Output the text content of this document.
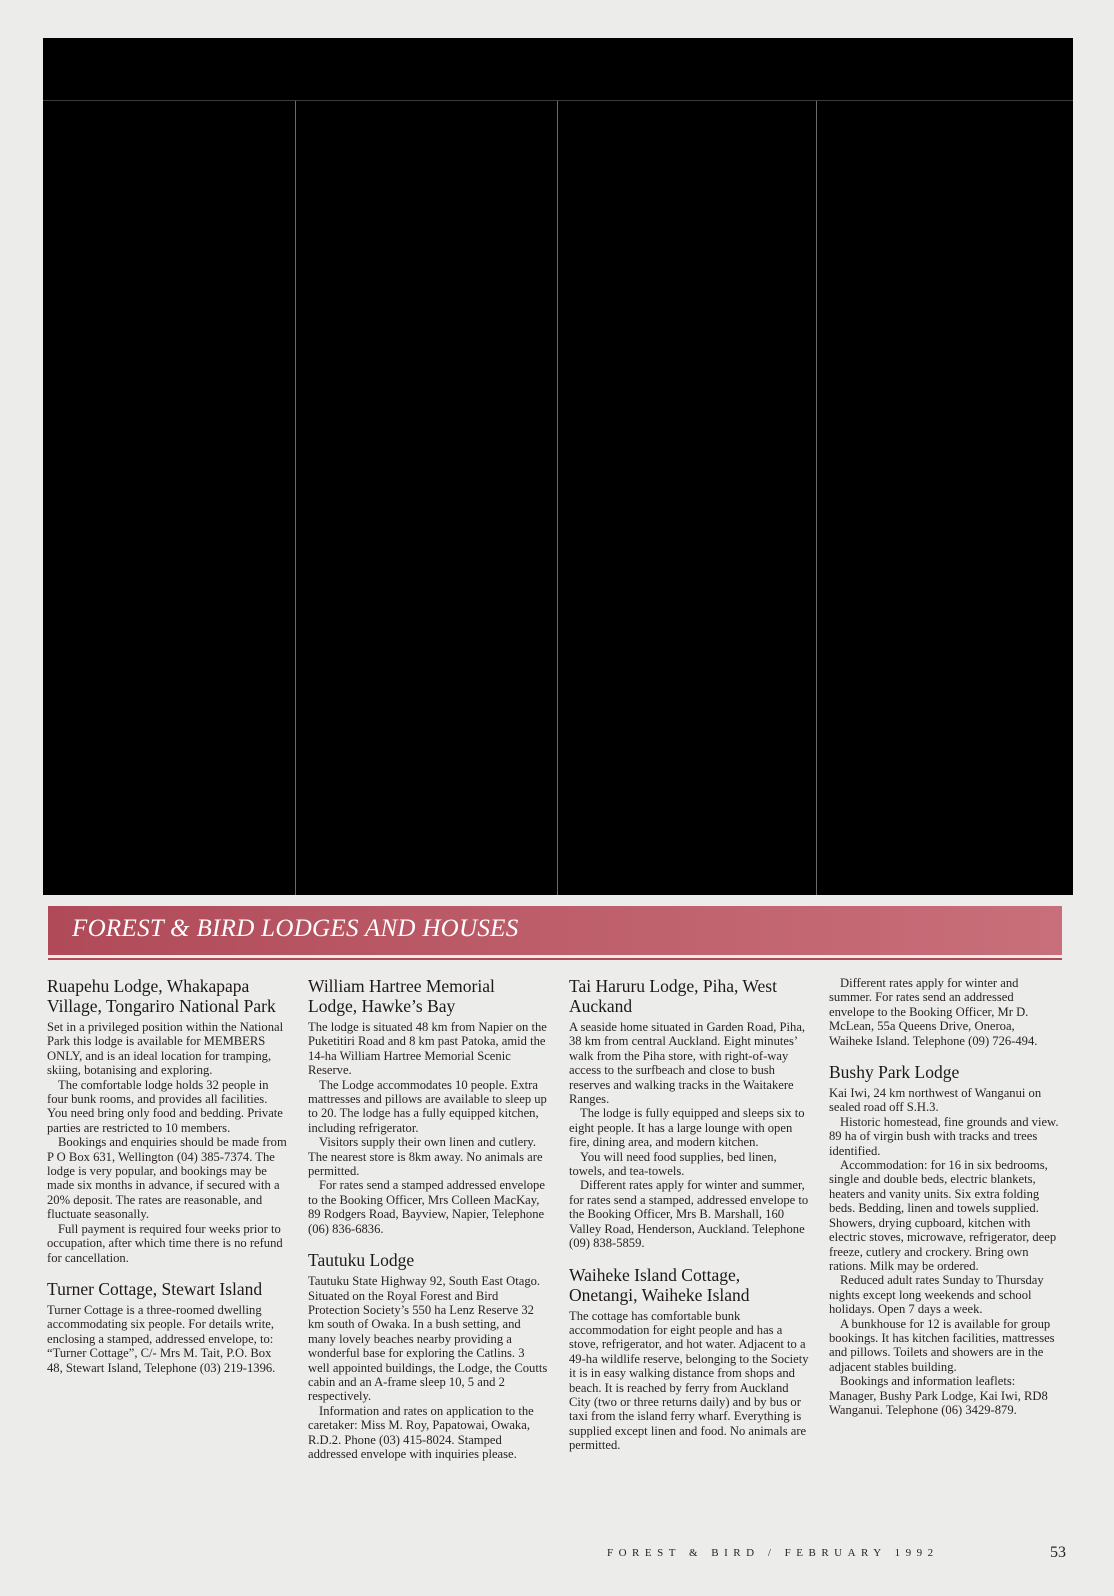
FOREST & BIRD LODGES AND HOUSES
Ruapehu Lodge, Whakapapa Village, Tongariro National Park

Set in a privileged position within the National Park this lodge is available for MEMBERS ONLY, and is an ideal location for tramping, skiing, botanising and exploring.

The comfortable lodge holds 32 people in four bunk rooms, and provides all facilities. You need bring only food and bedding. Private parties are restricted to 10 members.

Bookings and enquiries should be made from P O Box 631, Wellington (04) 385-7374. The lodge is very popular, and bookings may be made six months in advance, if secured with a 20% deposit. The rates are reasonable, and fluctuate seasonally.

Full payment is required four weeks prior to occupation, after which time there is no refund for cancellation.

Turner Cottage, Stewart Island

Turner Cottage is a three-roomed dwelling accommodating six people. For details write, enclosing a stamped, addressed envelope, to: “Turner Cottage”, C/- Mrs M. Tait, P.O. Box 48, Stewart Island, Telephone (03) 219-1396.

William Hartree Memorial Lodge, Hawke’s Bay

The lodge is situated 48 km from Napier on the Puketitiri Road and 8 km past Patoka, amid the 14-ha William Hartree Memorial Scenic Reserve.

The Lodge accommodates 10 people. Extra mattresses and pillows are available to sleep up to 20. The lodge has a fully equipped kitchen, including refrigerator.

Visitors supply their own linen and cutlery. The nearest store is 8km away. No animals are permitted.

For rates send a stamped addressed envelope to the Booking Officer, Mrs Colleen MacKay, 89 Rodgers Road, Bayview, Napier, Telephone (06) 836-6836.

Tautuku Lodge

Tautuku State Highway 92, South East Otago. Situated on the Royal Forest and Bird Protection Society’s 550 ha Lenz Reserve 32 km south of Owaka. In a bush setting, and many lovely beaches nearby providing a wonderful base for exploring the Catlins. 3 well appointed buildings, the Lodge, the Coutts cabin and an A-frame sleep 10, 5 and 2 respectively.

Information and rates on application to the caretaker: Miss M. Roy, Papatowai, Owaka, R.D.2. Phone (03) 415-8024. Stamped addressed envelope with inquiries please.

Tai Haruru Lodge, Piha, West Auckand

A seaside home situated in Garden Road, Piha, 38 km from central Auckland. Eight minutes’ walk from the Piha store, with right-of-way access to the surfbeach and close to bush reserves and walking tracks in the Waitakere Ranges.

The lodge is fully equipped and sleeps six to eight people. It has a large lounge with open fire, dining area, and modern kitchen.

You will need food supplies, bed linen, towels, and tea-towels.

Different rates apply for winter and summer, for rates send a stamped, addressed envelope to the Booking Officer, Mrs B. Marshall, 160 Valley Road, Henderson, Auckland. Telephone (09) 838-5859.

Waiheke Island Cottage, Onetangi, Waiheke Island

The cottage has comfortable bunk accommodation for eight people and has a stove, refrigerator, and hot water. Adjacent to a 49-ha wildlife reserve, belonging to the Society it is in easy walking distance from shops and beach. It is reached by ferry from Auckland City (two or three returns daily) and by bus or taxi from the island ferry wharf. Everything is supplied except linen and food. No animals are permitted.

Different rates apply for winter and summer. For rates send an addressed envelope to the Booking Officer, Mr D. McLean, 55a Queens Drive, Oneroa, Waiheke Island. Telephone (09) 726-494.

Bushy Park Lodge

Kai Iwi, 24 km northwest of Wanganui on sealed road off S.H.3.

Historic homestead, fine grounds and view. 89 ha of virgin bush with tracks and trees identified.

Accommodation: for 16 in six bedrooms, single and double beds, electric blankets, heaters and vanity units. Six extra folding beds. Bedding, linen and towels supplied. Showers, drying cupboard, kitchen with electric stoves, microwave, refrigerator, deep freeze, cutlery and crockery. Bring own rations. Milk may be ordered.

Reduced adult rates Sunday to Thursday nights except long weekends and school holidays. Open 7 days a week.

A bunkhouse for 12 is available for group bookings. It has kitchen facilities, mattresses and pillows. Toilets and showers are in the adjacent stables building.

Bookings and information leaflets: Manager, Bushy Park Lodge, Kai Iwi, RD8 Wanganui. Telephone (06) 3429-879.

FOREST & BIRD / FEBRUARY 1992	53
